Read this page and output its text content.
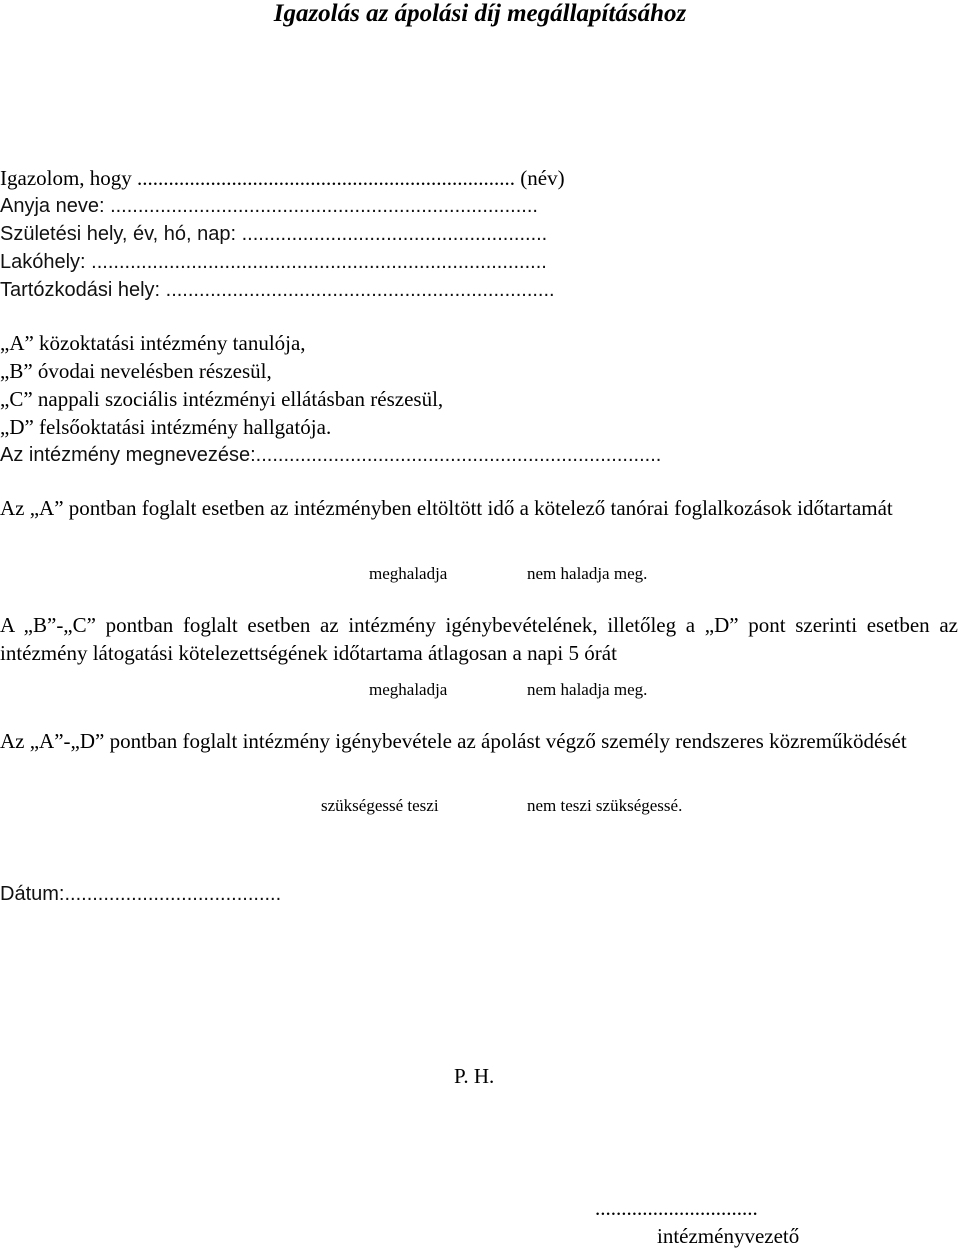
Igazolás az ápolási díj megállapításához
Igazolom, hogy ........................................................................ (név)
Anyja neve: .............................................................................
Születési hely, év, hó, nap: .......................................................
Lakóhely: ..................................................................................
Tartózkodási hely: ......................................................................
„A” közoktatási intézmény tanulója,
„B” óvodai nevelésben részesül,
„C” nappali szociális intézményi ellátásban részesül,
„D” felsőoktatási intézmény hallgatója.
Az intézmény megnevezése:.........................................................................
Az „A” pontban foglalt esetben az intézményben eltöltött idő a kötelező tanórai foglalkozások időtartamát
meghaladja	nem haladja meg.
A „B”-„C” pontban foglalt esetben az intézmény igénybevételének, illetőleg a „D” pont szerinti esetben az intézmény látogatási kötelezettségének időtartama átlagosan a napi 5 órát
meghaladja	nem haladja meg.
Az „A”-„D” pontban foglalt intézmény igénybevétele az ápolást végző személy rendszeres közreműködését
szükségessé teszi	nem teszi szükségessé.
Dátum:.......................................
P. H.
...............................
intézményvezető
